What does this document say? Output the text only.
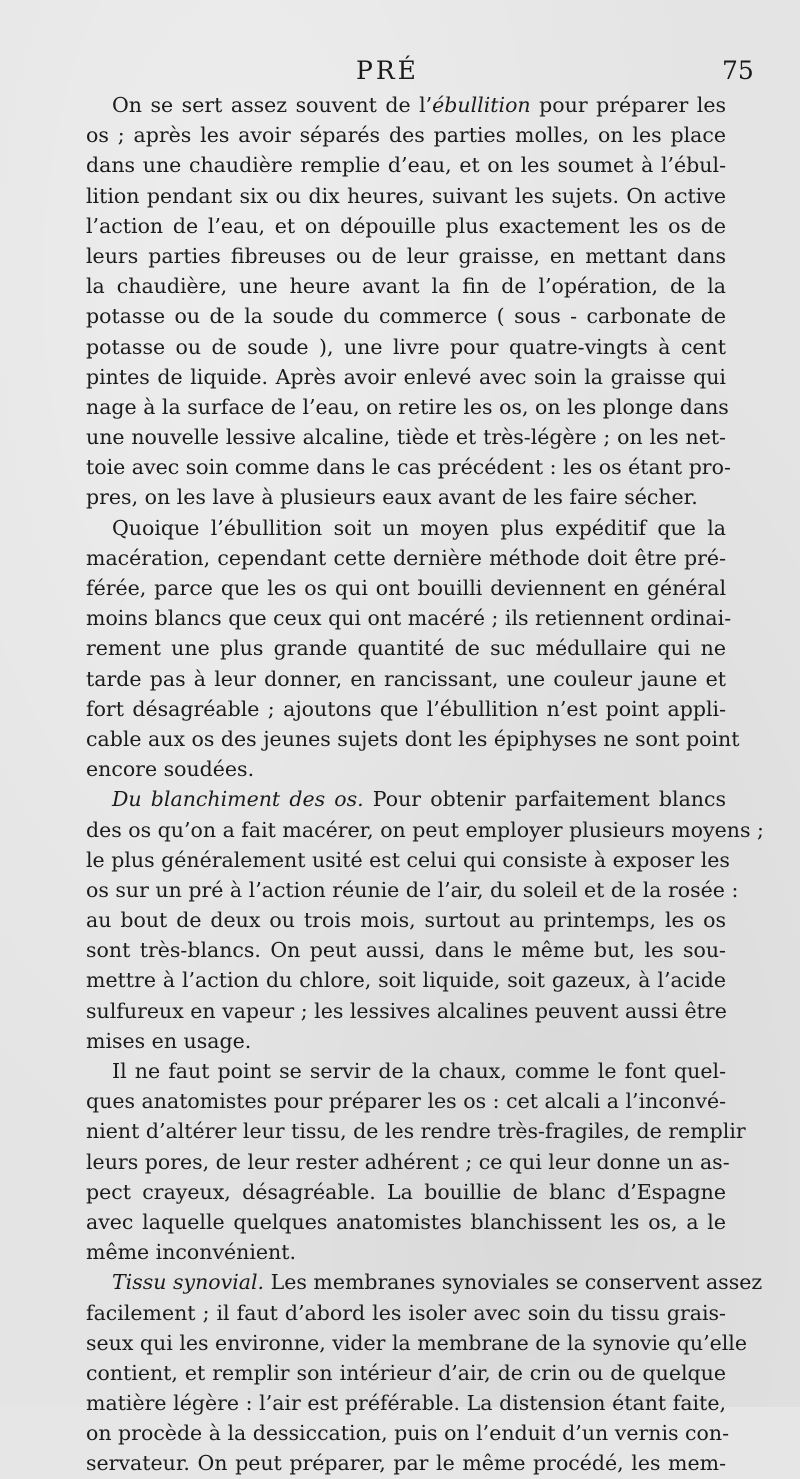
PRÉ	75
On se sert assez souvent de l’ébullition pour préparer les
os ; après les avoir séparés des parties molles, on les place
dans une chaudière remplie d’eau, et on les soumet à l’ébul-
lition pendant six ou dix heures, suivant les sujets. On active
l’action de l’eau, et on dépouille plus exactement les os de
leurs parties fibreuses ou de leur graisse, en mettant dans
la chaudière, une heure avant la fin de l’opération, de la
potasse ou de la soude du commerce ( sous - carbonate de
potasse ou de soude ), une livre pour quatre-vingts à cent
pintes de liquide. Après avoir enlevé avec soin la graisse qui
nage à la surface de l’eau, on retire les os, on les plonge dans
une nouvelle lessive alcaline, tiède et très-légère ; on les net-
toie avec soin comme dans le cas précédent : les os étant pro-
pres, on les lave à plusieurs eaux avant de les faire sécher.
Quoique l’ébullition soit un moyen plus expéditif que la
macération, cependant cette dernière méthode doit être pré-
férée, parce que les os qui ont bouilli deviennent en général
moins blancs que ceux qui ont macéré ; ils retiennent ordinai-
rement une plus grande quantité de suc médullaire qui ne
tarde pas à leur donner, en rancissant, une couleur jaune et
fort désagréable ; ajoutons que l’ébullition n’est point appli-
cable aux os des jeunes sujets dont les épiphyses ne sont point
encore soudées.
Du blanchiment des os. Pour obtenir parfaitement blancs
des os qu’on a fait macérer, on peut employer plusieurs moyens ;
le plus généralement usité est celui qui consiste à exposer les
os sur un pré à l’action réunie de l’air, du soleil et de la rosée :
au bout de deux ou trois mois, surtout au printemps, les os
sont très-blancs. On peut aussi, dans le même but, les sou-
mettre à l’action du chlore, soit liquide, soit gazeux, à l’acide
sulfureux en vapeur ; les lessives alcalines peuvent aussi être
mises en usage.
Il ne faut point se servir de la chaux, comme le font quel-
ques anatomistes pour préparer les os : cet alcali a l’inconvé-
nient d’altérer leur tissu, de les rendre très-fragiles, de remplir
leurs pores, de leur rester adhérent ; ce qui leur donne un as-
pect crayeux, désagréable. La bouillie de blanc d’Espagne
avec laquelle quelques anatomistes blanchissent les os, a le
même inconvénient.
Tissu synovial. Les membranes synoviales se conservent assez
facilement ; il faut d’abord les isoler avec soin du tissu grais-
seux qui les environne, vider la membrane de la synovie qu’elle
contient, et remplir son intérieur d’air, de crin ou de quelque
matière légère : l’air est préférable. La distension étant faite,
on procède à la dessiccation, puis on l’enduit d’un vernis con-
servateur. On peut préparer, par le même procédé, les mem-
